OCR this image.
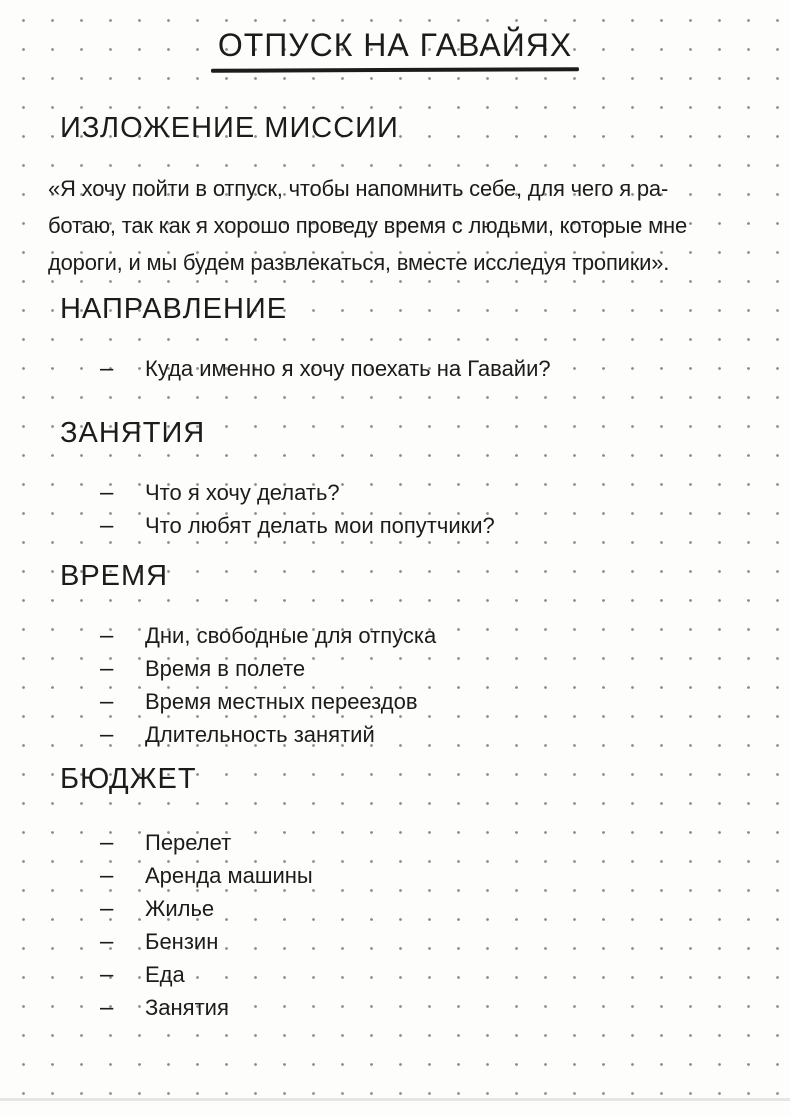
ОТПУСК НА ГАВАЙЯХ
ИЗЛОЖЕНИЕ МИССИИ

«Я хочу пойти в отпуск, чтобы напомнить себе, для чего я ра-
ботаю, так как я хорошо проведу время с людьми, которые мне
дороги, и мы будем развлекаться, вместе исследуя тропики».

НАПРАВЛЕНИЕ
–	Куда именно я хочу поехать на Гавайи?
ЗАНЯТИЯ
–	Что я хочу делать?
–	Что любят делать мои попутчики?
ВРЕМЯ
–	Дни, свободные для отпуска
–	Время в полете
–	Время местных переездов
–	Длительность занятий
БЮДЖЕТ
–	Перелет
–	Аренда машины
–	Жилье
–	Бензин
–	Еда
–	Занятия
